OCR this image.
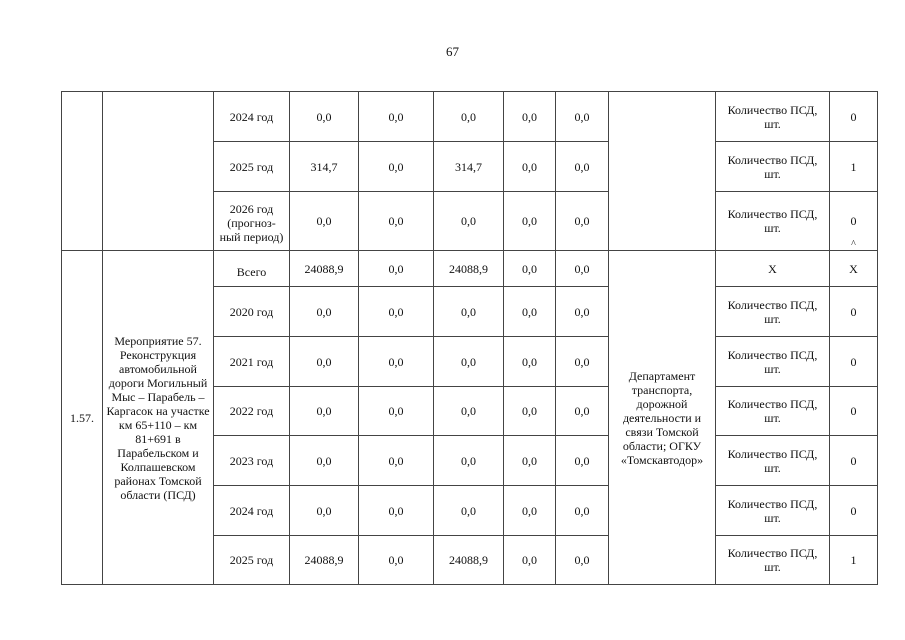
67
		2024 год	0,0	0,0	0,0	0,0	0,0		Количество ПСД, шт.	0
		2025 год	314,7	0,0	314,7	0,0	0,0		Количество ПСД, шт.	1
		2026 год (прогноз-ный период)	0,0	0,0	0,0	0,0	0,0		Количество ПСД, шт.	0
^

1.57.	Мероприятие 57. Реконструкция автомобильной дороги Могильный Мыс – Парабель – Каргасок на участке км 65+110 – км 81+691 в Парабельском и Колпашевском районах Томской области (ПСД)	Всего	24088,9	0,0	24088,9	0,0	0,0	Департамент транспорта, дорожной деятельности и связи Томской области; ОГКУ «Томскавтодор»	Х	Х
		2020 год	0,0	0,0	0,0	0,0	0,0		Количество ПСД, шт.	0
		2021 год	0,0	0,0	0,0	0,0	0,0		Количество ПСД, шт.	0
		2022 год	0,0	0,0	0,0	0,0	0,0		Количество ПСД, шт.	0
		2023 год	0,0	0,0	0,0	0,0	0,0		Количество ПСД, шт.	0
		2024 год	0,0	0,0	0,0	0,0	0,0		Количество ПСД, шт.	0
		2025 год	24088,9	0,0	24088,9	0,0	0,0		Количество ПСД, шт.	1
